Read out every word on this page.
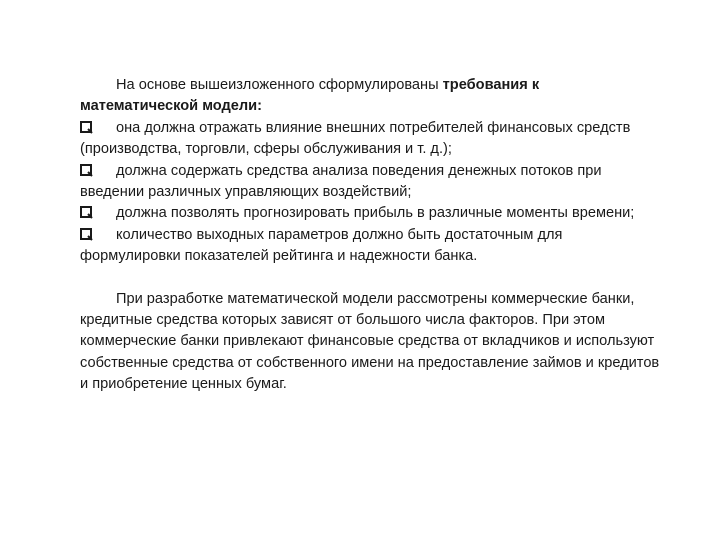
На основе вышеизложенного сформулированы требования к
математической модели:

она должна отражать влияние внешних потребителей финансовых средств (производства, торговли, сферы обслуживания и т. д.);

должна содержать средства анализа поведения денежных потоков при введении различных управляющих воздействий;

должна позволять прогнозировать прибыль в различные моменты времени;

количество выходных параметров должно быть достаточным для формулировки показателей рейтинга и надежности банка.

При разработке математической модели рассмотрены коммерческие банки, кредитные средства которых зависят от большого числа факторов. При этом коммерческие банки привлекают финансовые средства от вкладчиков и используют собственные средства от собственного имени на предоставление займов и кредитов и приобретение ценных бумаг.
